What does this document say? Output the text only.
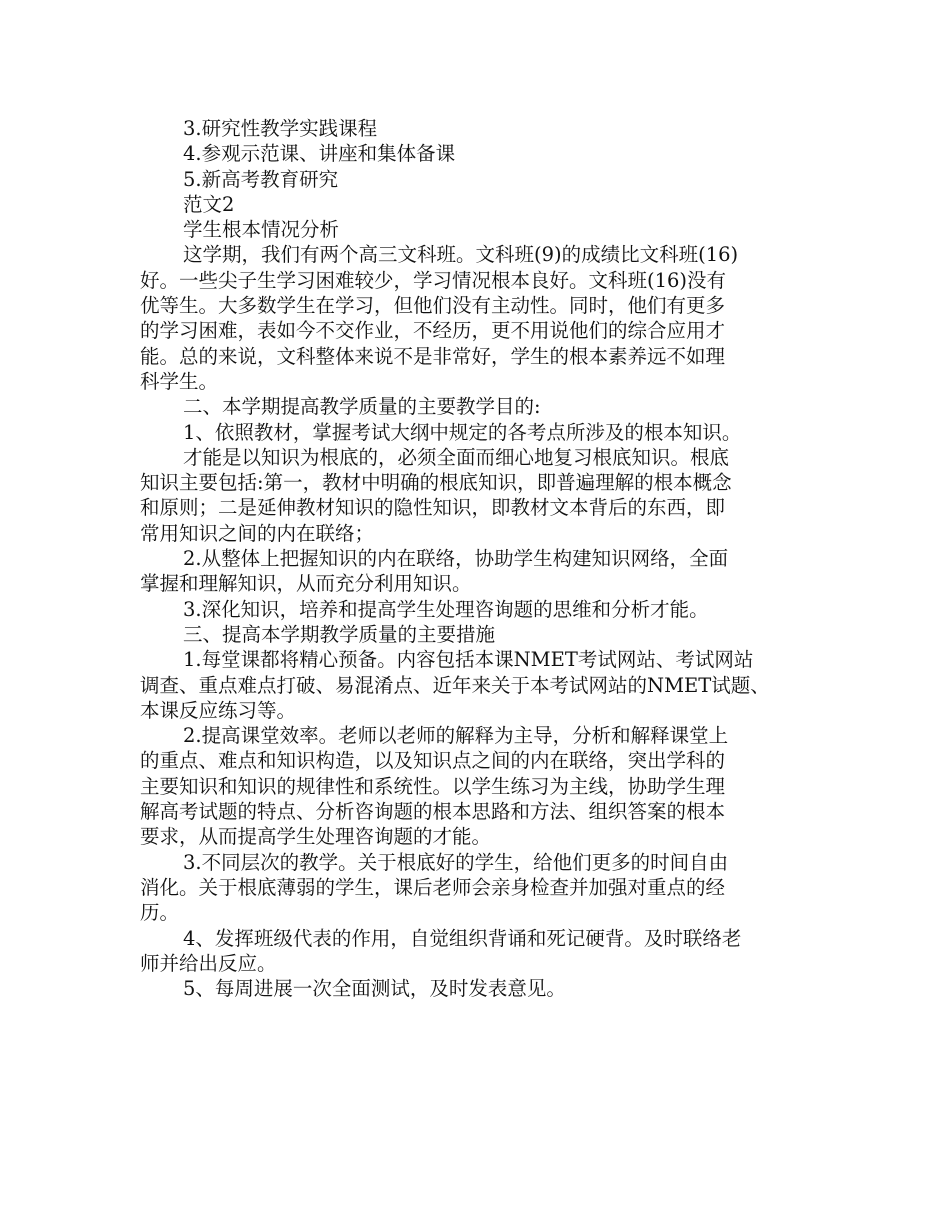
3.研究性教学实践课程
4.参观示范课、讲座和集体备课
5.新高考教育研究
范文2
学生根本情况分析
这学期，我们有两个高三文科班。文科班(9)的成绩比文科班(16)
好。一些尖子生学习困难较少，学习情况根本良好。文科班(16)没有
优等生。大多数学生在学习，但他们没有主动性。同时，他们有更多
的学习困难，表如今不交作业，不经历，更不用说他们的综合应用才
能。总的来说，文科整体来说不是非常好，学生的根本素养远不如理
科学生。
二、本学期提高教学质量的主要教学目的:
1、依照教材，掌握考试大纲中规定的各考点所涉及的根本知识。
才能是以知识为根底的，必须全面而细心地复习根底知识。根底
知识主要包括:第一，教材中明确的根底知识，即普遍理解的根本概念
和原则；二是延伸教材知识的隐性知识，即教材文本背后的东西，即
常用知识之间的内在联络；
2.从整体上把握知识的内在联络，协助学生构建知识网络，全面
掌握和理解知识，从而充分利用知识。
3.深化知识，培养和提高学生处理咨询题的思维和分析才能。
三、提高本学期教学质量的主要措施
1.每堂课都将精心预备。内容包括本课NMET考试网站、考试网站
调查、重点难点打破、易混淆点、近年来关于本考试网站的NMET试题、
本课反应练习等。
2.提高课堂效率。老师以老师的解释为主导，分析和解释课堂上
的重点、难点和知识构造，以及知识点之间的内在联络，突出学科的
主要知识和知识的规律性和系统性。以学生练习为主线，协助学生理
解高考试题的特点、分析咨询题的根本思路和方法、组织答案的根本
要求，从而提高学生处理咨询题的才能。
3.不同层次的教学。关于根底好的学生，给他们更多的时间自由
消化。关于根底薄弱的学生，课后老师会亲身检查并加强对重点的经
历。
4、发挥班级代表的作用，自觉组织背诵和死记硬背。及时联络老
师并给出反应。
5、每周进展一次全面测试，及时发表意见。
